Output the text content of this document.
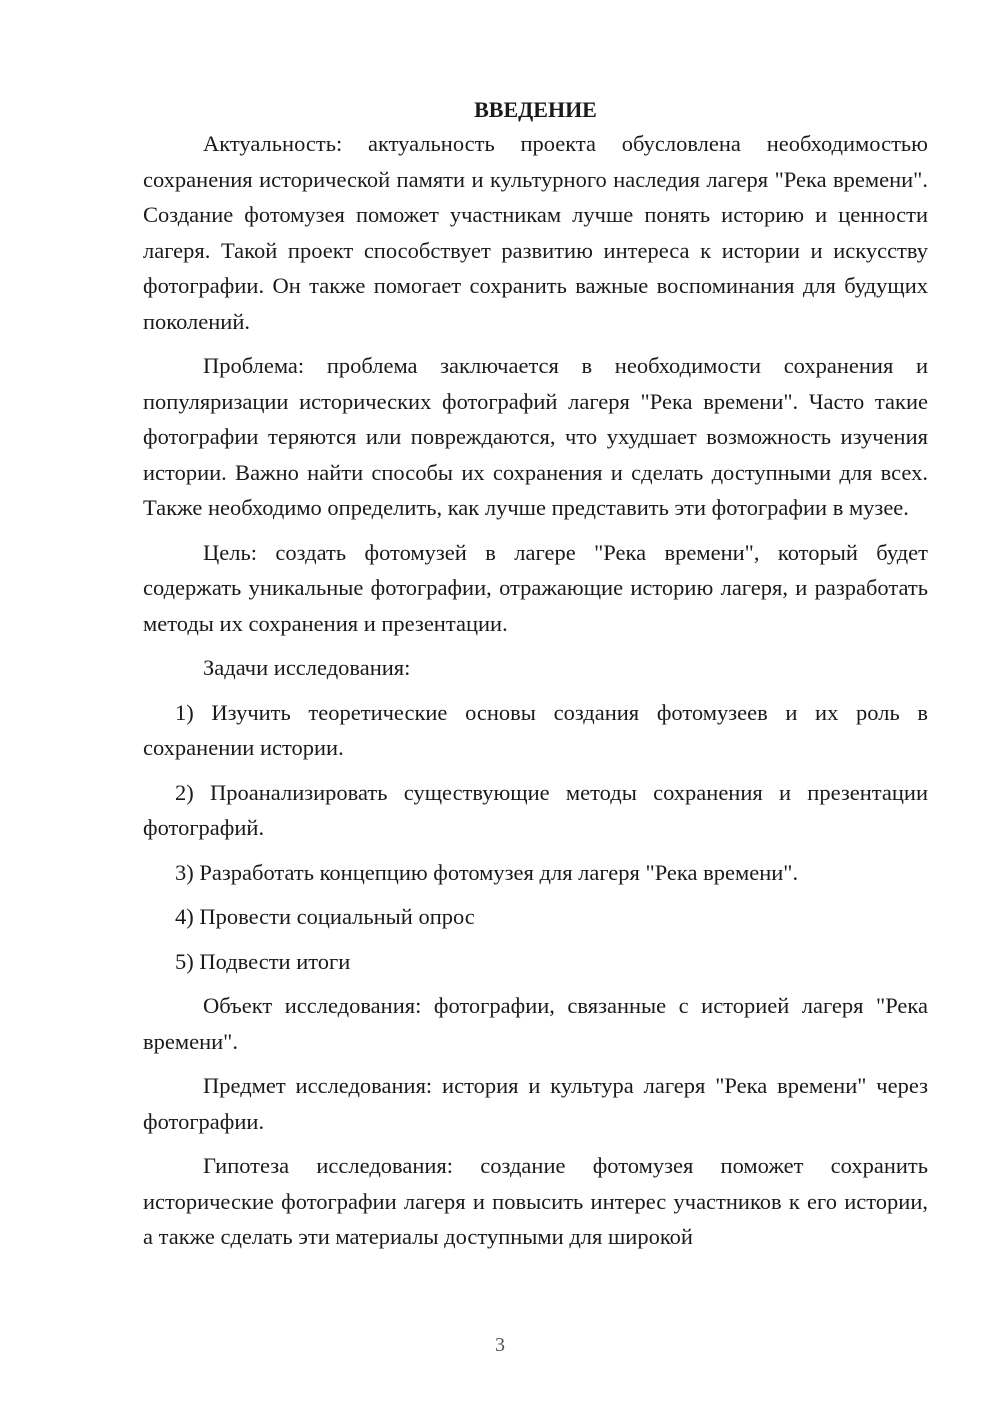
ВВЕДЕНИЕ

Актуальность: актуальность проекта обусловлена необходимостью сохранения исторической памяти и культурного наследия лагеря "Река времени". Создание фотомузея поможет участникам лучше понять историю и ценности лагеря. Такой проект способствует развитию интереса к истории и искусству фотографии. Он также помогает сохранить важные воспоминания для будущих поколений.

Проблема: проблема заключается в необходимости сохранения и популяризации исторических фотографий лагеря "Река времени". Часто такие фотографии теряются или повреждаются, что ухудшает возможность изучения истории. Важно найти способы их сохранения и сделать доступными для всех. Также необходимо определить, как лучше представить эти фотографии в музее.

Цель: создать фотомузей в лагере "Река времени", который будет содержать уникальные фотографии, отражающие историю лагеря, и разработать методы их сохранения и презентации.

Задачи исследования:

1) Изучить теоретические основы создания фотомузеев и их роль в сохранении истории.

2) Проанализировать существующие методы сохранения и презентации фотографий.

3) Разработать концепцию фотомузея для лагеря "Река времени".

4) Провести социальный опрос

5) Подвести итоги

Объект исследования: фотографии, связанные с историей лагеря "Река времени".

Предмет исследования: история и культура лагеря "Река времени" через фотографии.

Гипотеза исследования: создание фотомузея поможет сохранить исторические фотографии лагеря и повысить интерес участников к его истории, а также сделать эти материалы доступными для широкой

3
